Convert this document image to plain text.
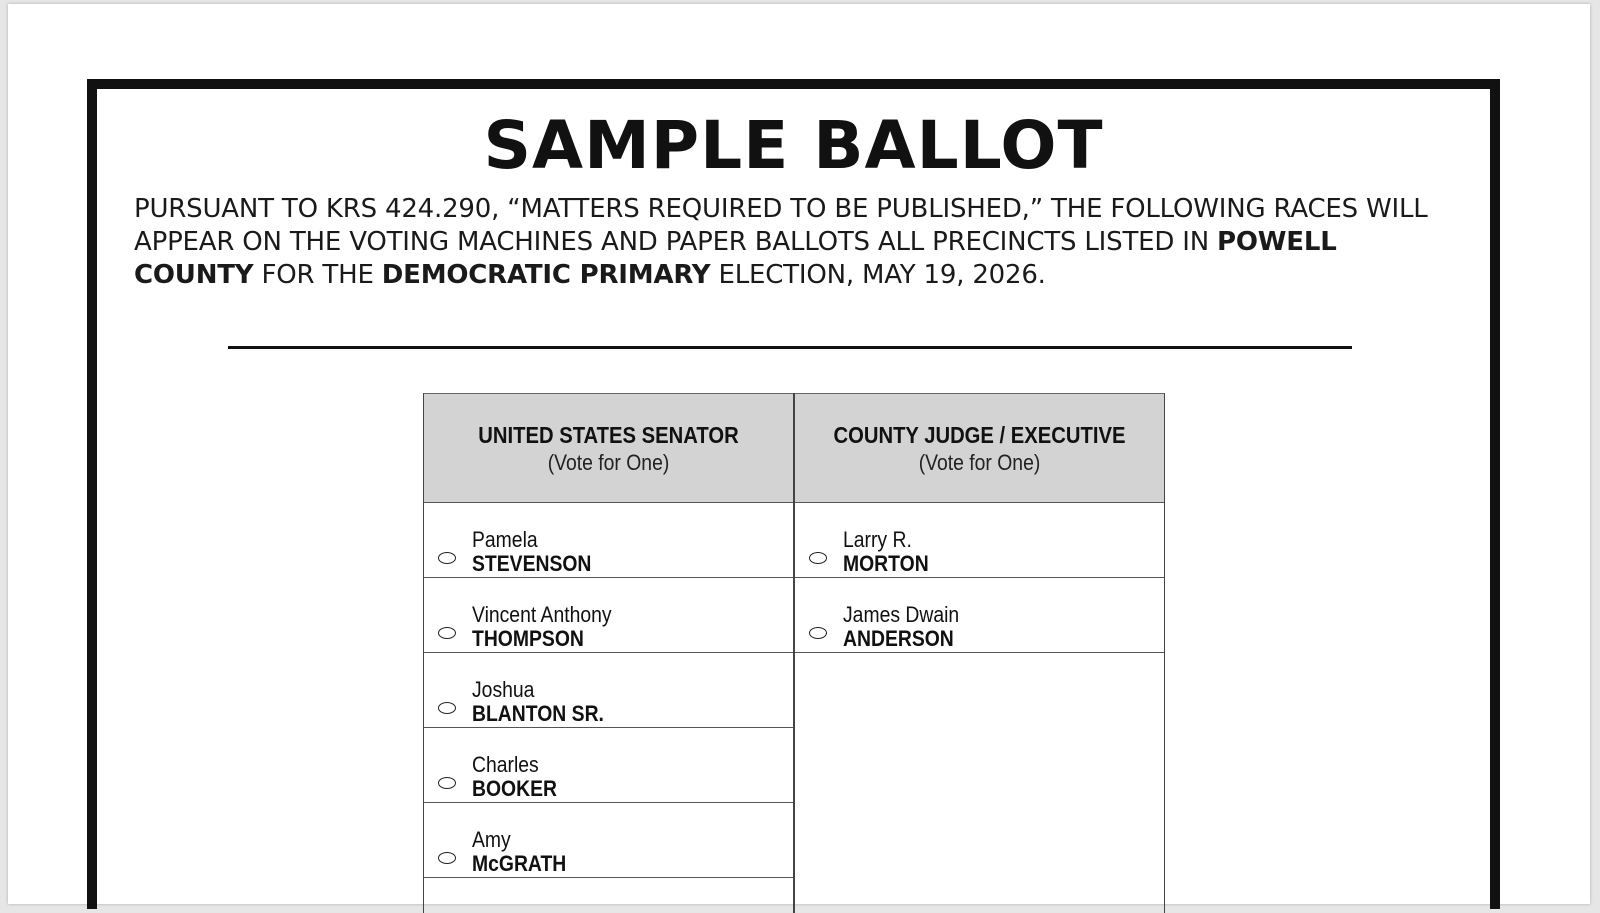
SAMPLE BALLOT
PURSUANT TO KRS 424.290, “MATTERS REQUIRED TO BE PUBLISHED,” THE FOLLOWING RACES WILL APPEAR ON THE VOTING MACHINES AND PAPER BALLOTS ALL PRECINCTS LISTED IN POWELL COUNTY FOR THE DEMOCRATIC PRIMARY ELECTION, MAY 19, 2026.
UNITED STATES SENATOR
(Vote for One)
Pamela
STEVENSON
Vincent Anthony
THOMPSON
Joshua
BLANTON SR.
Charles
BOOKER
Amy
McGRATH
COUNTY JUDGE / EXECUTIVE
(Vote for One)
Larry R.
MORTON
James Dwain
ANDERSON
